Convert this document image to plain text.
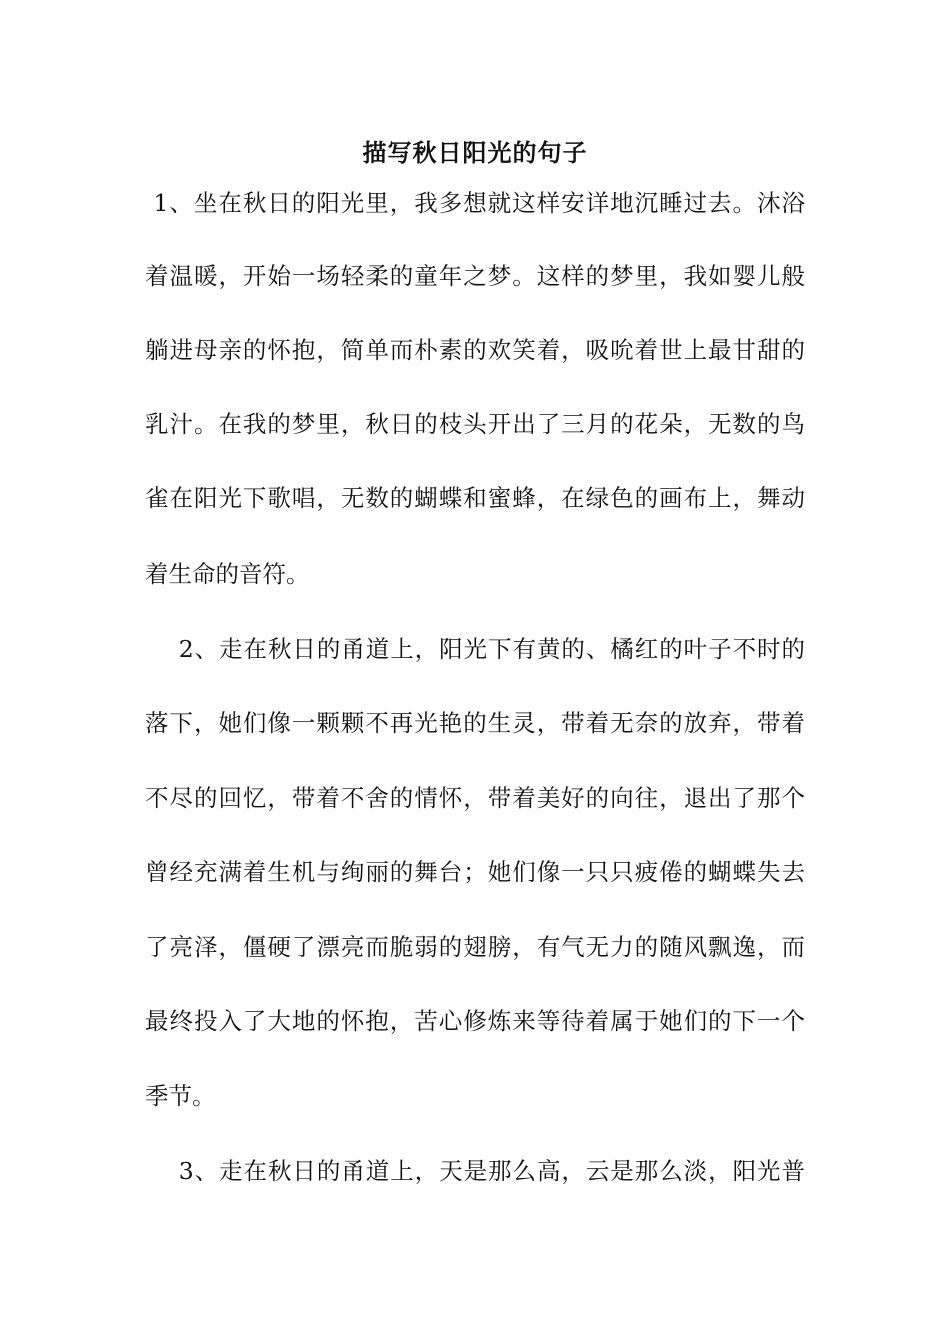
描写秋日阳光的句子
1、坐在秋日的阳光里，我多想就这样安详地沉睡过去。沐浴
着温暖，开始一场轻柔的童年之梦。这样的梦里，我如婴儿般
躺进母亲的怀抱，简单而朴素的欢笑着，吸吮着世上最甘甜的
乳汁。在我的梦里，秋日的枝头开出了三月的花朵，无数的鸟
雀在阳光下歌唱，无数的蝴蝶和蜜蜂，在绿色的画布上，舞动
着生命的音符。
2、走在秋日的甬道上，阳光下有黄的、橘红的叶子不时的
落下，她们像一颗颗不再光艳的生灵，带着无奈的放弃，带着
不尽的回忆，带着不舍的情怀，带着美好的向往，退出了那个
曾经充满着生机与绚丽的舞台；她们像一只只疲倦的蝴蝶失去
了亮泽，僵硬了漂亮而脆弱的翅膀，有气无力的随风飘逸，而
最终投入了大地的怀抱，苦心修炼来等待着属于她们的下一个
季节。
3、走在秋日的甬道上，天是那么高，云是那么淡，阳光普
